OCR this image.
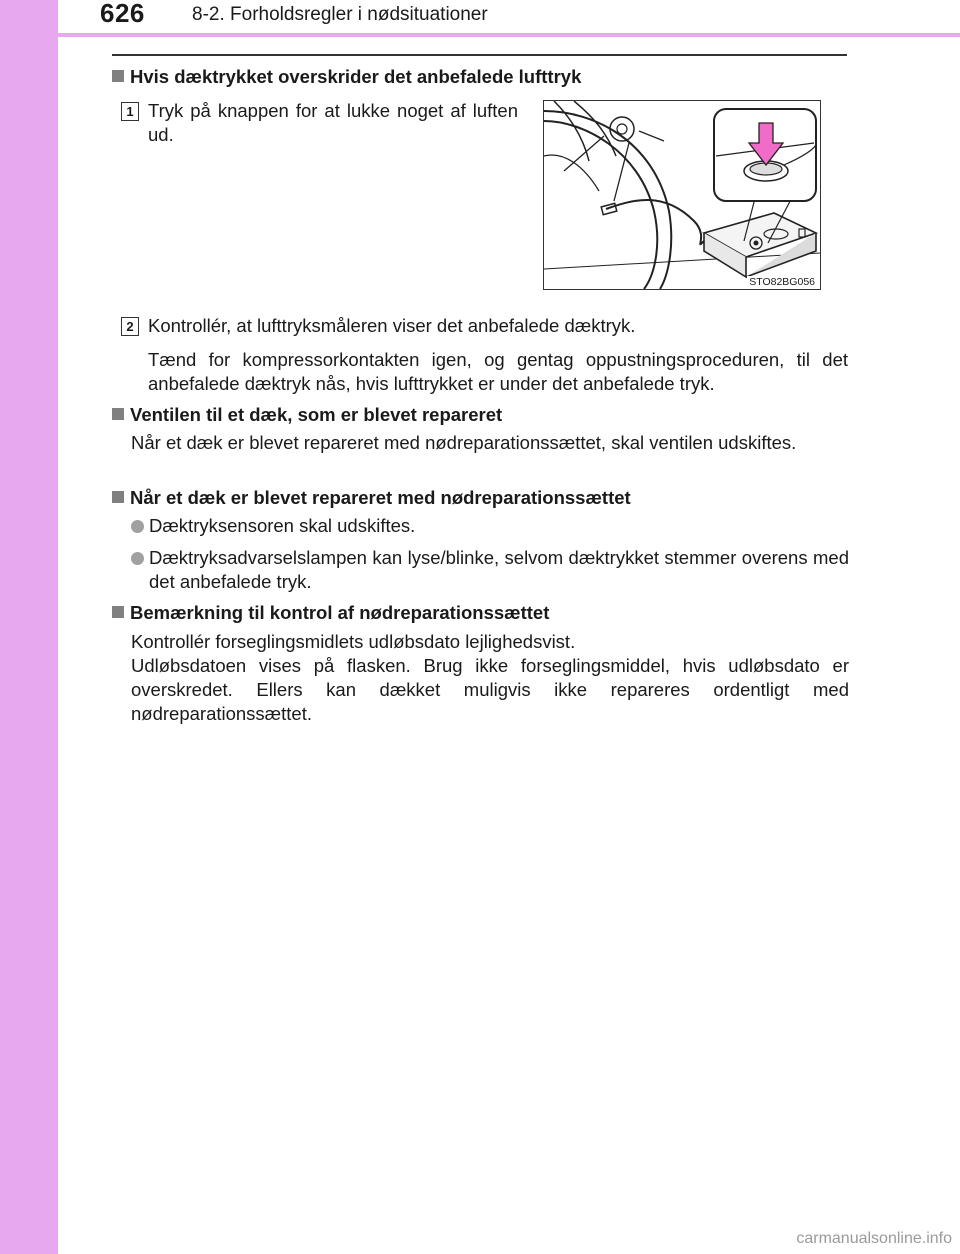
626 8-2. Forholdsregler i nødsituationer
Hvis dæktrykket overskrider det anbefalede lufttryk
1 Tryk på knappen for at lukke noget af luften ud.
STO82BG056
2 Kontrollér, at lufttryksmåleren viser det anbefalede dæktryk.
Tænd for kompressorkontakten igen, og gentag oppustningsproceduren, til det anbefalede dæktryk nås, hvis lufttrykket er under det anbefalede tryk.
Ventilen til et dæk, som er blevet repareret
Når et dæk er blevet repareret med nødreparationssættet, skal ventilen udskiftes.
Når et dæk er blevet repareret med nødreparationssættet
Dæktryksensoren skal udskiftes.
Dæktryksadvarselslampen kan lyse/blinke, selvom dæktrykket stemmer overens med det anbefalede tryk.
Bemærkning til kontrol af nødreparationssættet
Kontrollér forseglingsmidlets udløbsdato lejlighedsvist.
Udløbsdatoen vises på flasken. Brug ikke forseglingsmiddel, hvis udløbsdato er overskredet. Ellers kan dækket muligvis ikke repareres ordentligt med nødreparationssættet.
carmanualsonline.info
